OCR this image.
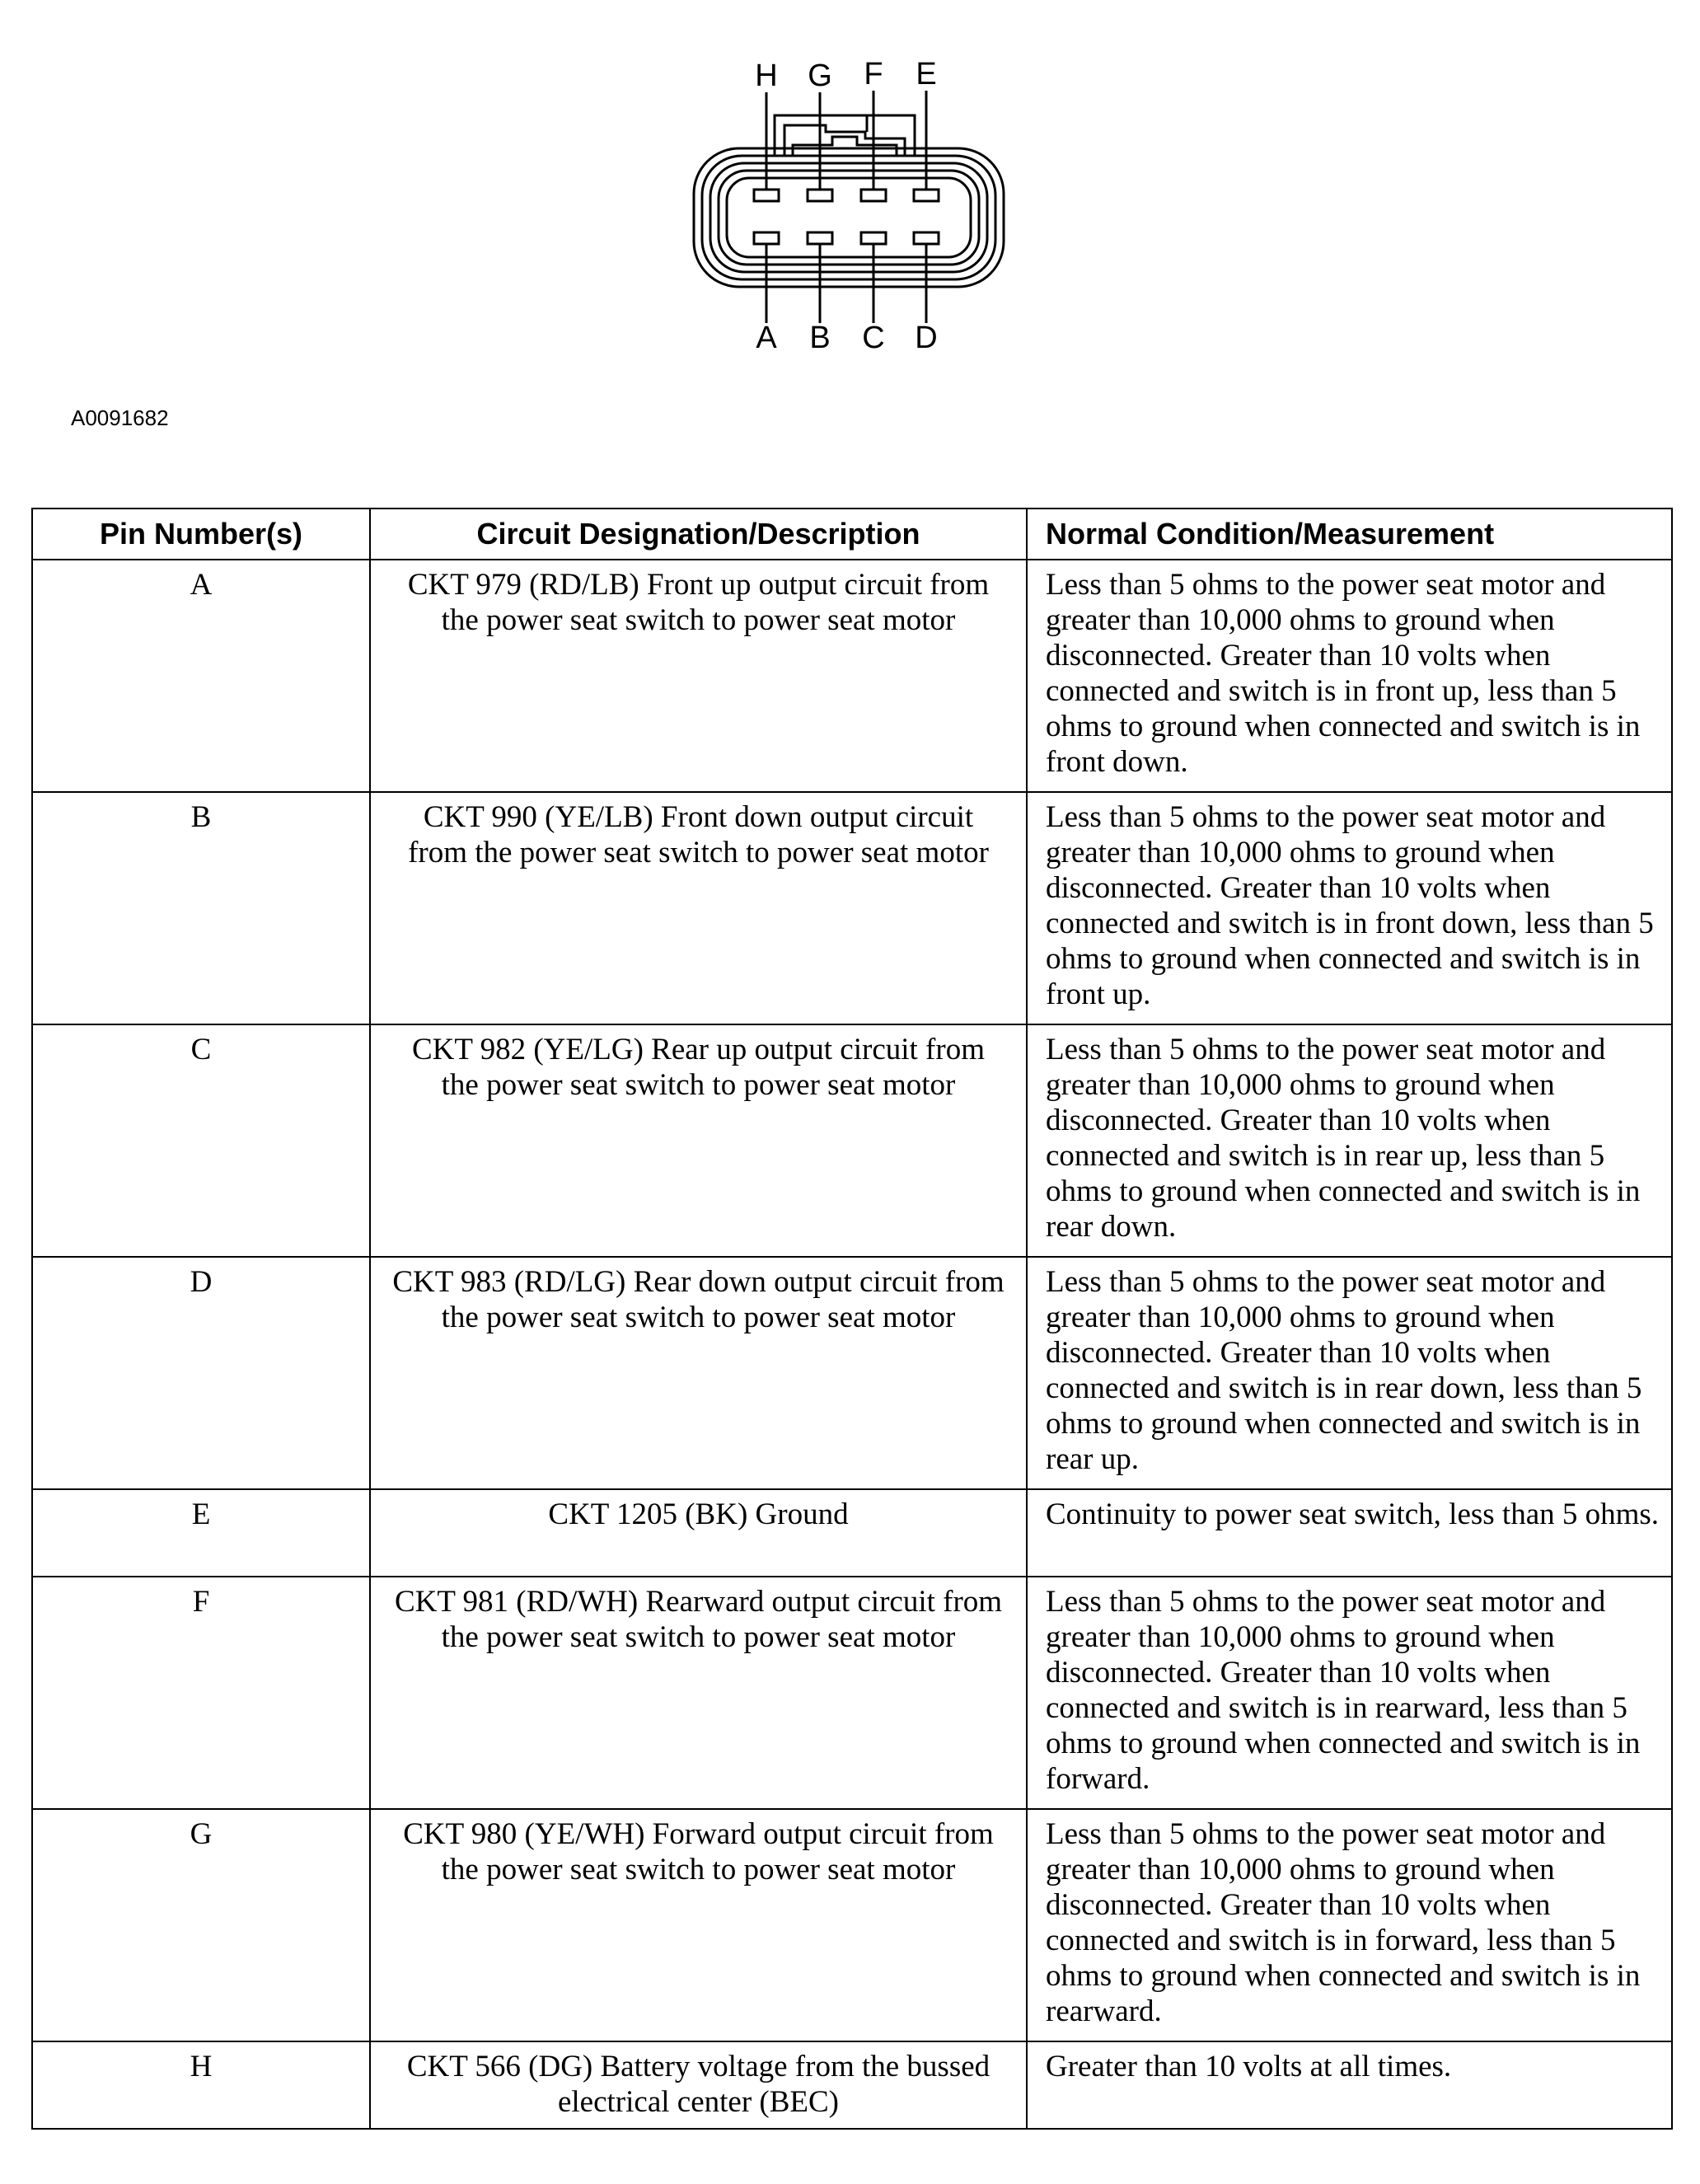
H G F E
A B C D
A0091682
Pin Number(s)	Circuit Designation/Description	Normal Condition/Measurement
A	CKT 979 (RD/LB) Front up output circuit from the power seat switch to power seat motor	Less than 5 ohms to the power seat motor and greater than 10,000 ohms to ground when disconnected. Greater than 10 volts when connected and switch is in front up, less than 5 ohms to ground when connected and switch is in front down.
B	CKT 990 (YE/LB) Front down output circuit from the power seat switch to power seat motor	Less than 5 ohms to the power seat motor and greater than 10,000 ohms to ground when disconnected. Greater than 10 volts when connected and switch is in front down, less than 5 ohms to ground when connected and switch is in front up.
C	CKT 982 (YE/LG) Rear up output circuit from the power seat switch to power seat motor	Less than 5 ohms to the power seat motor and greater than 10,000 ohms to ground when disconnected. Greater than 10 volts when connected and switch is in rear up, less than 5 ohms to ground when connected and switch is in rear down.
D	CKT 983 (RD/LG) Rear down output circuit from the power seat switch to power seat motor	Less than 5 ohms to the power seat motor and greater than 10,000 ohms to ground when disconnected. Greater than 10 volts when connected and switch is in rear down, less than 5 ohms to ground when connected and switch is in rear up.
E	CKT 1205 (BK) Ground	Continuity to power seat switch, less than 5 ohms.
F	CKT 981 (RD/WH) Rearward output circuit from the power seat switch to power seat motor	Less than 5 ohms to the power seat motor and greater than 10,000 ohms to ground when disconnected. Greater than 10 volts when connected and switch is in rearward, less than 5 ohms to ground when connected and switch is in forward.
G	CKT 980 (YE/WH) Forward output circuit from the power seat switch to power seat motor	Less than 5 ohms to the power seat motor and greater than 10,000 ohms to ground when disconnected. Greater than 10 volts when connected and switch is in forward, less than 5 ohms to ground when connected and switch is in rearward.
H	CKT 566 (DG) Battery voltage from the bussed electrical center (BEC)	Greater than 10 volts at all times.
